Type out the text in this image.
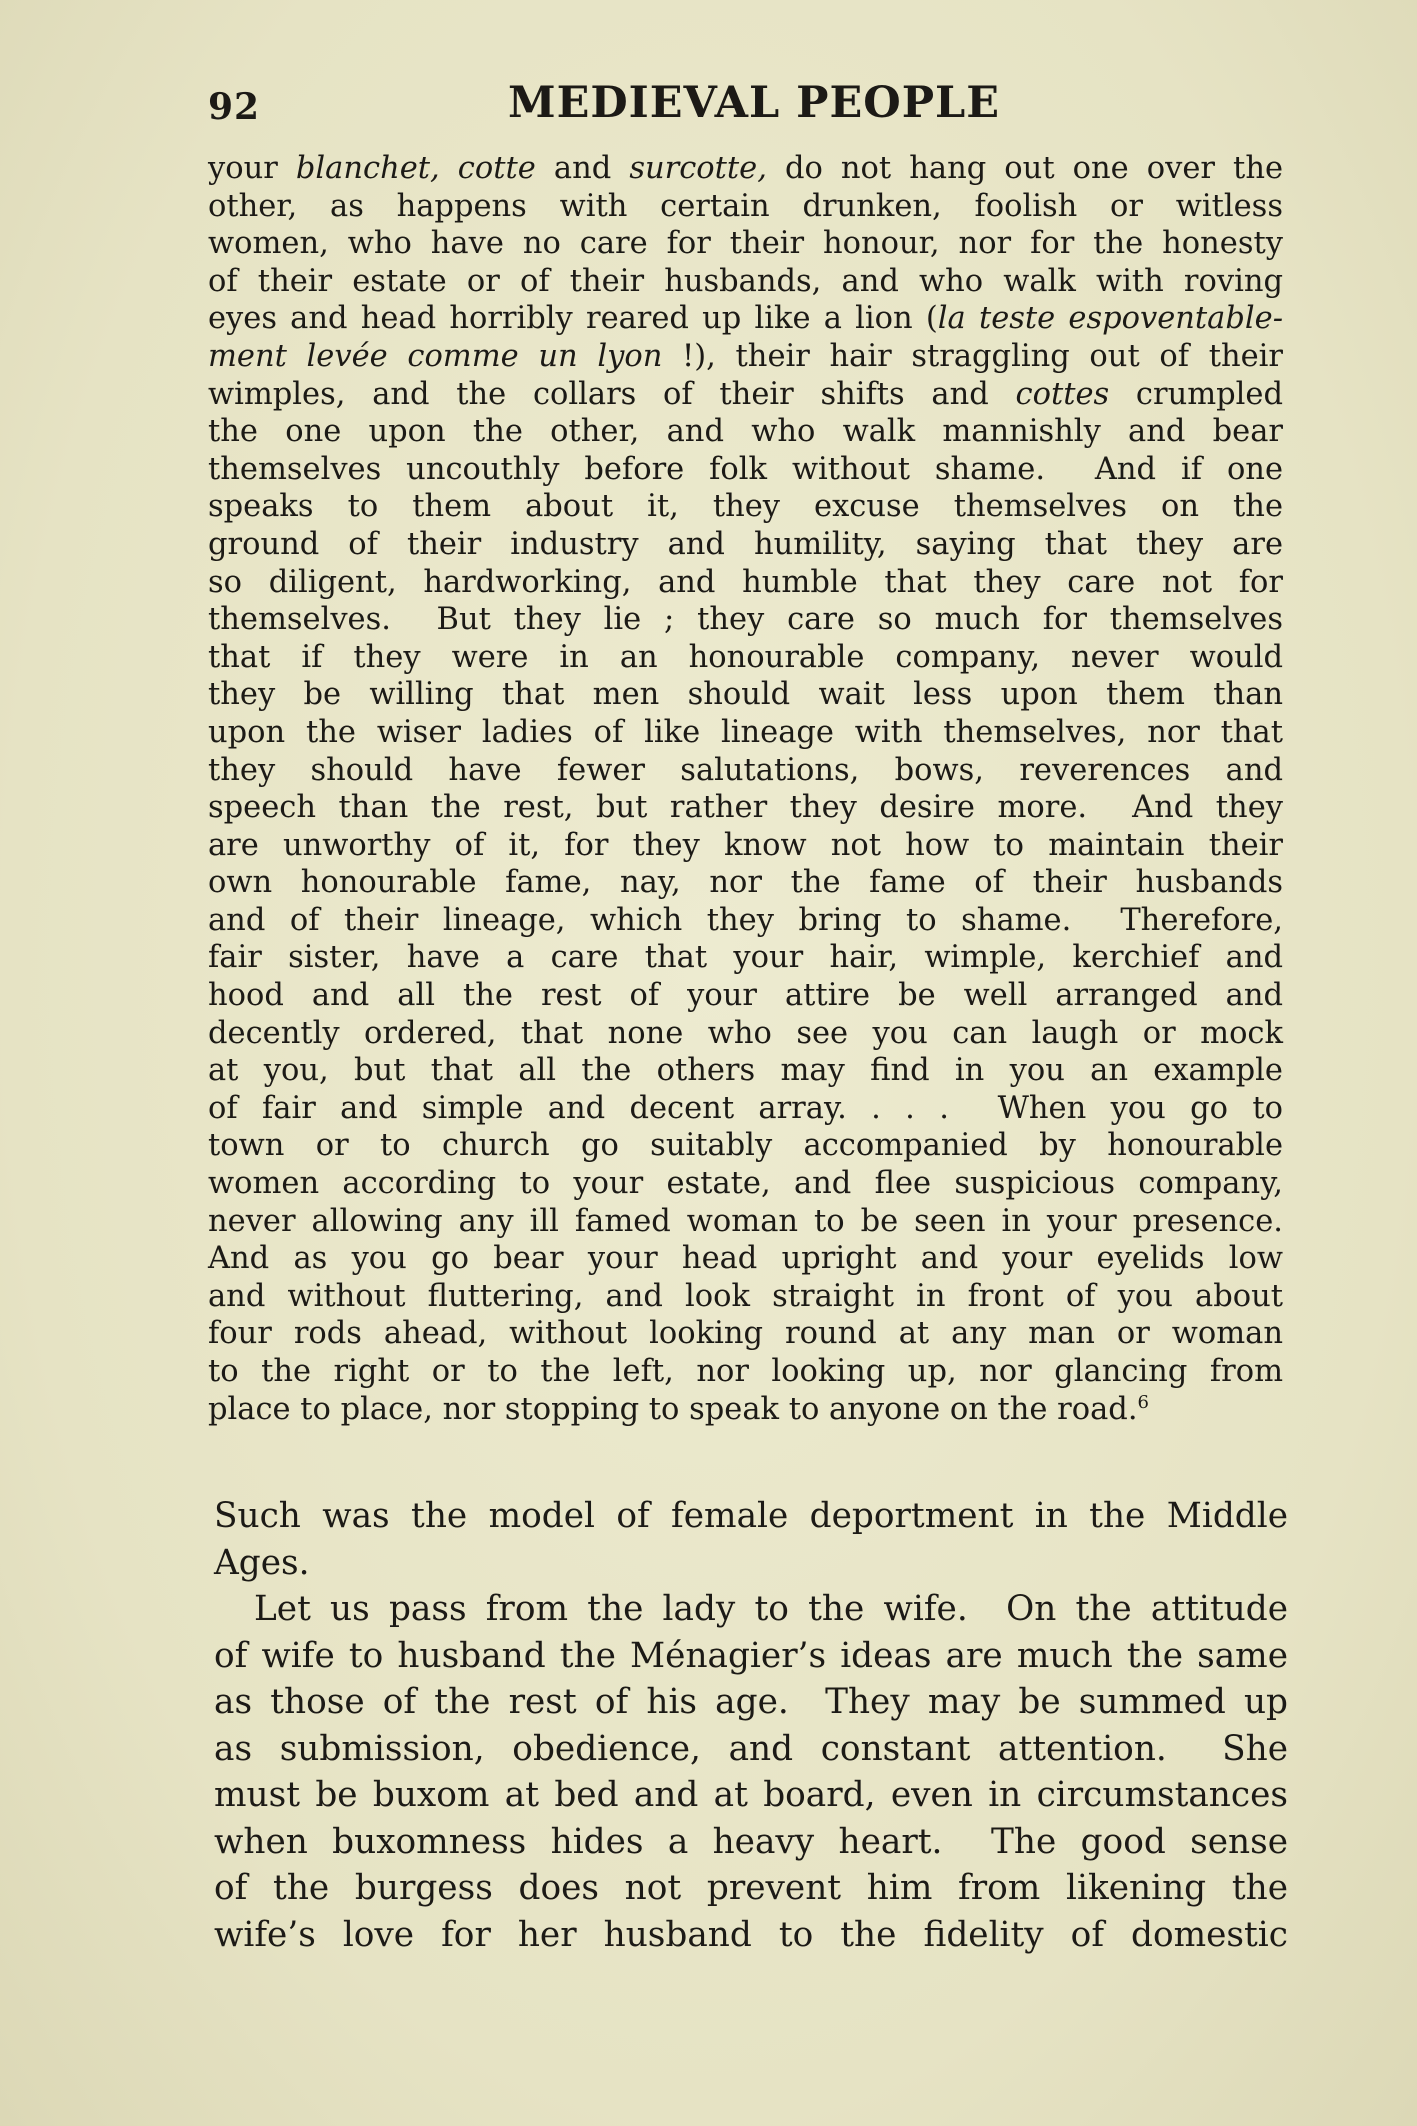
92	MEDIEVAL PEOPLE
your blanchet, cotte and surcotte, do not hang out one over the
other, as happens with certain drunken, foolish or witless
women, who have no care for their honour, nor for the honesty
of their estate or of their husbands, and who walk with roving
eyes and head horribly reared up like a lion (la teste espoventable-
ment levée comme un lyon !), their hair straggling out of their
wimples, and the collars of their shifts and cottes crumpled
the one upon the other, and who walk mannishly and bear
themselves uncouthly before folk without shame.  And if one
speaks to them about it, they excuse themselves on the
ground of their industry and humility, saying that they are
so diligent, hardworking, and humble that they care not for
themselves.  But they lie ; they care so much for themselves
that if they were in an honourable company, never would
they be willing that men should wait less upon them than
upon the wiser ladies of like lineage with themselves, nor that
they should have fewer salutations, bows, reverences and
speech than the rest, but rather they desire more.  And they
are unworthy of it, for they know not how to maintain their
own honourable fame, nay, nor the fame of their husbands
and of their lineage, which they bring to shame.  Therefore,
fair sister, have a care that your hair, wimple, kerchief and
hood and all the rest of your attire be well arranged and
decently ordered, that none who see you can laugh or mock
at you, but that all the others may find in you an example
of fair and simple and decent array. . . .  When you go to
town or to church go suitably accompanied by honourable
women according to your estate, and flee suspicious company,
never allowing any ill famed woman to be seen in your presence.
And as you go bear your head upright and your eyelids low
and without fluttering, and look straight in front of you about
four rods ahead, without looking round at any man or woman
to the right or to the left, nor looking up, nor glancing from
place to place, nor stopping to speak to anyone on the road.$^6$
Such was the model of female deportment in the Middle
Ages.
Let us pass from the lady to the wife.  On the attitude
of wife to husband the Ménagier’s ideas are much the same
as those of the rest of his age.  They may be summed up
as submission, obedience, and constant attention.  She
must be buxom at bed and at board, even in circumstances
when buxomness hides a heavy heart.  The good sense
of the burgess does not prevent him from likening the
wife’s love for her husband to the fidelity of domestic
